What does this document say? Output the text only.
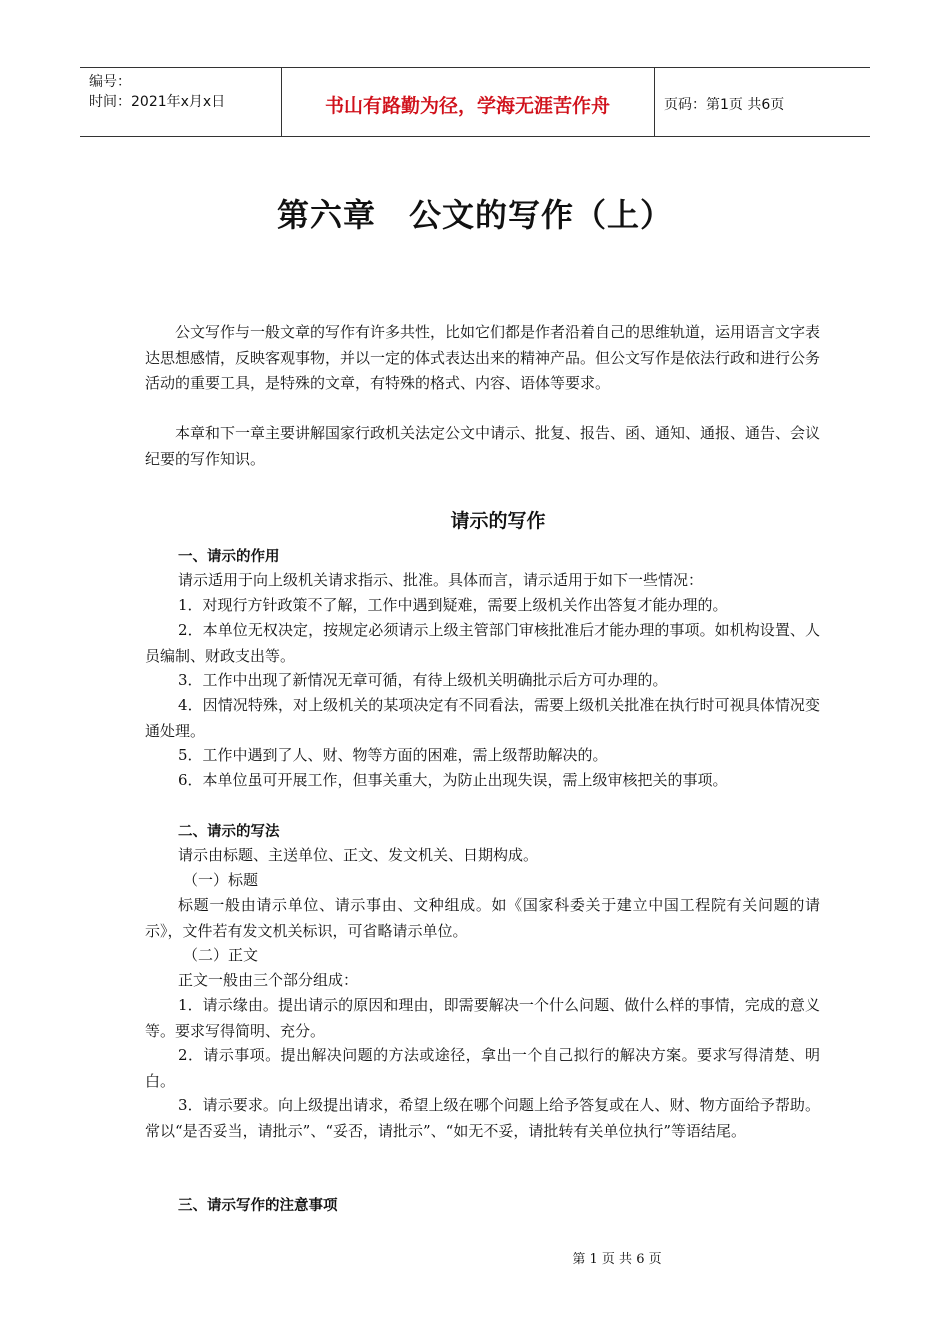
编号：
时间：2021年x月x日	书山有路勤为径，学海无涯苦作舟	页码：第1页 共6页
第六章　公文的写作（上）
公文写作与一般文章的写作有许多共性，比如它们都是作者沿着自己的思维轨道，运用语言文字表达思想感情，反映客观事物，并以一定的体式表达出来的精神产品。但公文写作是依法行政和进行公务活动的重要工具，是特殊的文章，有特殊的格式、内容、语体等要求。
本章和下一章主要讲解国家行政机关法定公文中请示、批复、报告、函、通知、通报、通告、会议纪要的写作知识。
请示的写作
一、请示的作用
请示适用于向上级机关请求指示、批准。具体而言，请示适用于如下一些情况：
1．对现行方针政策不了解，工作中遇到疑难，需要上级机关作出答复才能办理的。
2．本单位无权决定，按规定必须请示上级主管部门审核批准后才能办理的事项。如机构设置、人员编制、财政支出等。
3．工作中出现了新情况无章可循，有待上级机关明确批示后方可办理的。
4．因情况特殊，对上级机关的某项决定有不同看法，需要上级机关批准在执行时可视具体情况变通处理。
5．工作中遇到了人、财、物等方面的困难，需上级帮助解决的。
6．本单位虽可开展工作，但事关重大，为防止出现失误，需上级审核把关的事项。
二、请示的写法
请示由标题、主送单位、正文、发文机关、日期构成。
（一）标题
标题一般由请示单位、请示事由、文种组成。如《国家科委关于建立中国工程院有关问题的请示》，文件若有发文机关标识，可省略请示单位。
（二）正文
正文一般由三个部分组成：
1．请示缘由。提出请示的原因和理由，即需要解决一个什么问题、做什么样的事情，完成的意义等。要求写得简明、充分。
2．请示事项。提出解决问题的方法或途径，拿出一个自己拟行的解决方案。要求写得清楚、明白。
3．请示要求。向上级提出请求，希望上级在哪个问题上给予答复或在人、财、物方面给予帮助。常以“是否妥当，请批示”、“妥否，请批示”、“如无不妥，请批转有关单位执行”等语结尾。
三、请示写作的注意事项
第 1 页 共 6 页
